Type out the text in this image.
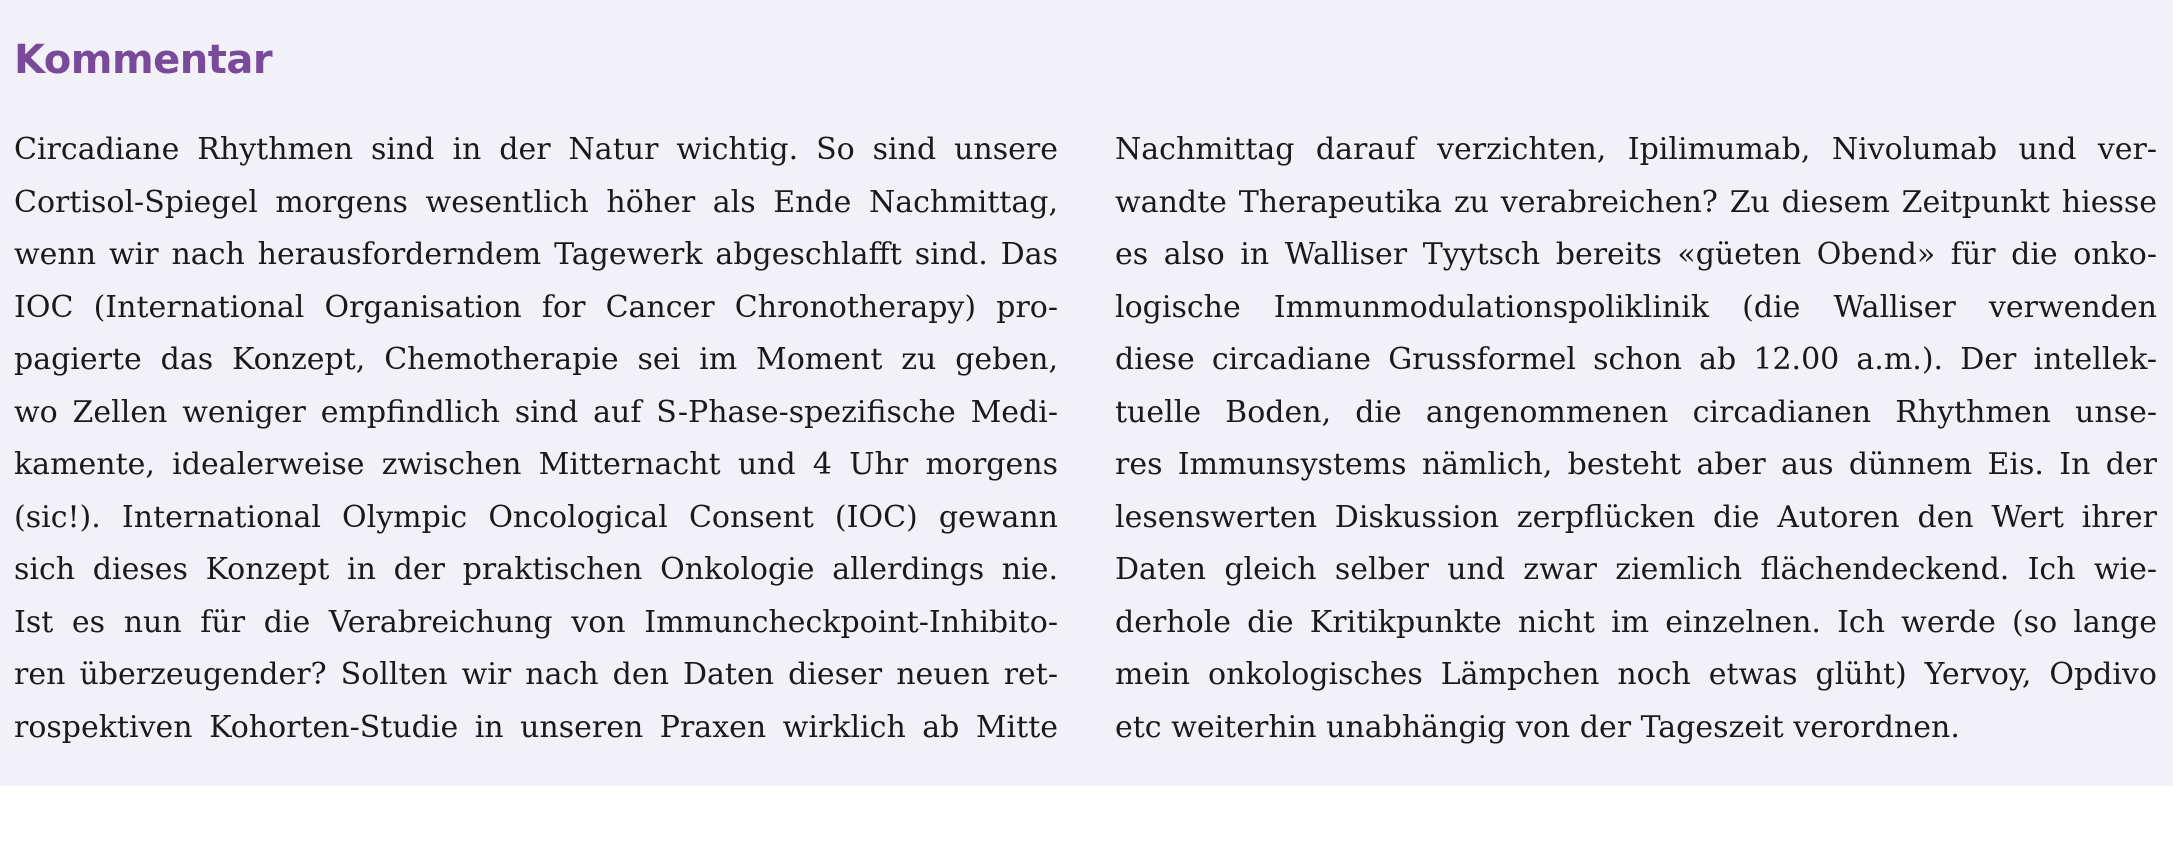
Kommentar
Circadiane Rhythmen sind in der Natur wichtig. So sind unsere
Cortisol-Spiegel morgens wesentlich höher als Ende Nachmittag,
wenn wir nach herausforderndem Tagewerk abgeschlafft sind. Das
IOC (International Organisation for Cancer Chronotherapy) pro-
pagierte das Konzept, Chemotherapie sei im Moment zu geben,
wo Zellen weniger empfindlich sind auf S-Phase-spezifische Medi-
kamente, idealerweise zwischen Mitternacht und 4 Uhr morgens
(sic!). International Olympic Oncological Consent (IOC) gewann
sich dieses Konzept in der praktischen Onkologie allerdings nie.
Ist es nun für die Verabreichung von Immuncheckpoint-Inhibito-
ren überzeugender? Sollten wir nach den Daten dieser neuen ret-
rospektiven Kohorten-Studie in unseren Praxen wirklich ab Mitte
Nachmittag darauf verzichten, Ipilimumab, Nivolumab und ver-
wandte Therapeutika zu verabreichen? Zu diesem Zeitpunkt hiesse
es also in Walliser Tyytsch bereits «güeten Obend» für die onko-
logische Immunmodulationspoliklinik (die Walliser verwenden
diese circadiane Grussformel schon ab 12.00 a.m.). Der intellek-
tuelle Boden, die angenommenen circadianen Rhythmen unse-
res Immunsystems nämlich, besteht aber aus dünnem Eis. In der
lesenswerten Diskussion zerpflücken die Autoren den Wert ihrer
Daten gleich selber und zwar ziemlich flächendeckend. Ich wie-
derhole die Kritikpunkte nicht im einzelnen. Ich werde (so lange
mein onkologisches Lämpchen noch etwas glüht) Yervoy, Opdivo
etc weiterhin unabhängig von der Tageszeit verordnen.
